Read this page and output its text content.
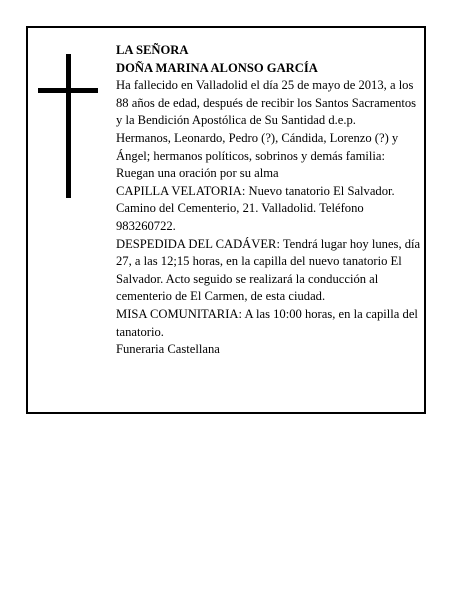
LA SEÑORA

DOÑA MARINA ALONSO GARCÍA

Ha fallecido en Valladolid el día 25 de mayo de 2013, a los 88 años de edad, después de recibir los Santos Sacramentos y la Bendición Apostólica de Su Santidad d.e.p.

Hermanos, Leonardo, Pedro (?), Cándida, Lorenzo (?) y Ángel; hermanos políticos, sobrinos y demás familia:

Ruegan una oración por su alma

CAPILLA VELATORIA: Nuevo tanatorio El Salvador. Camino del Cementerio, 21. Valladolid. Teléfono 983260722.

DESPEDIDA DEL CADÁVER: Tendrá lugar hoy lunes, día 27, a las 12;15 horas, en la capilla del nuevo tanatorio El Salvador. Acto seguido se realizará la conducción al cementerio de El Carmen, de esta ciudad.

MISA COMUNITARIA: A las 10:00 horas, en la capilla del tanatorio.

Funeraria Castellana
